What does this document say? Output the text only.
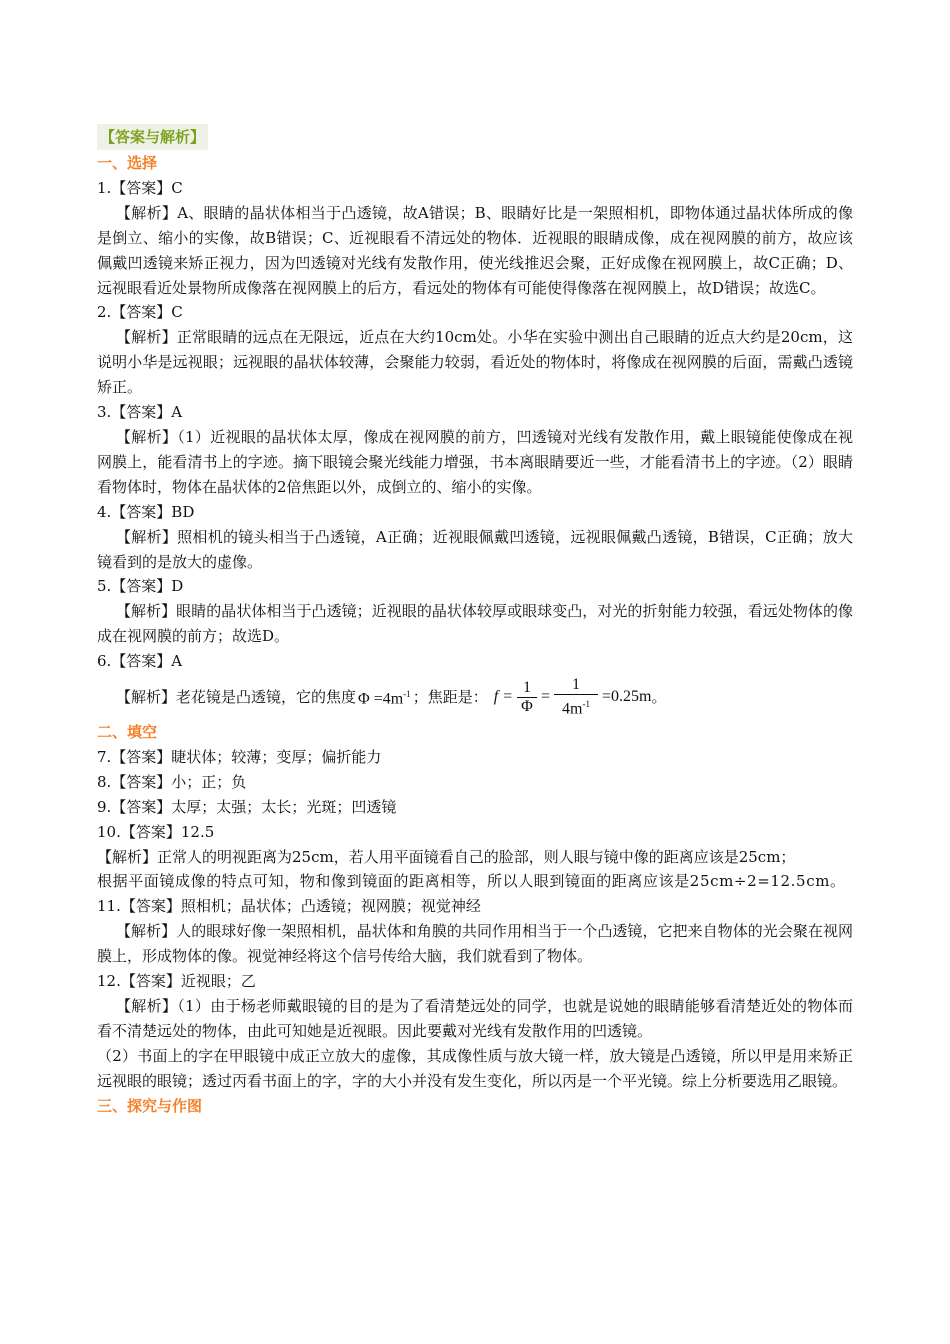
【答案与解析】
一、选择
1.【答案】C
【解析】A、眼睛的晶状体相当于凸透镜，故A错误；B、眼睛好比是一架照相机，即物体通过晶状体所成的像是倒立、缩小的实像，故B错误；C、近视眼看不清远处的物体．近视眼的眼睛成像，成在视网膜的前方，故应该佩戴凹透镜来矫正视力，因为凹透镜对光线有发散作用，使光线推迟会聚，正好成像在视网膜上，故C正确；D、远视眼看近处景物所成像落在视网膜上的后方，看远处的物体有可能使得像落在视网膜上，故D错误；故选C。
2.【答案】C
【解析】正常眼睛的远点在无限远，近点在大约10cm处。小华在实验中测出自己眼睛的近点大约是20cm，这说明小华是远视眼；远视眼的晶状体较薄，会聚能力较弱，看近处的物体时，将像成在视网膜的后面，需戴凸透镜矫正。
3.【答案】A
【解析】（1）近视眼的晶状体太厚，像成在视网膜的前方，凹透镜对光线有发散作用，戴上眼镜能使像成在视网膜上，能看清书上的字迹。摘下眼镜会聚光线能力增强，书本离眼睛要近一些，才能看清书上的字迹。（2）眼睛看物体时，物体在晶状体的2倍焦距以外，成倒立的、缩小的实像。
4.【答案】BD
【解析】照相机的镜头相当于凸透镜，A正确；近视眼佩戴凹透镜，远视眼佩戴凸透镜，B错误，C正确；放大镜看到的是放大的虚像。
5.【答案】D
【解析】眼睛的晶状体相当于凸透镜；近视眼的晶状体较厚或眼球变凸，对光的折射能力较强，看远处物体的像成在视网膜的前方；故选D。
6.【答案】A
【解析】老花镜是凸透镜，它的焦度 $\Phi =4m^{-1}$ ；焦距是： f =
1
Φ
=
1
$4m^{-1} =0.25m$ 。
二、填空
7.【答案】睫状体；较薄；变厚；偏折能力
8.【答案】小；正；负
9.【答案】太厚；太强；太长；光斑；凹透镜
10.【答案】12.5
【解析】正常人的明视距离为25cm，若人用平面镜看自己的脸部，则人眼与镜中像的距离应该是25cm；
根据平面镜成像的特点可知，物和像到镜面的距离相等，所以人眼到镜面的距离应该是25cm÷2=12.5cm。
11.【答案】照相机；晶状体；凸透镜；视网膜；视觉神经
【解析】人的眼球好像一架照相机，晶状体和角膜的共同作用相当于一个凸透镜，它把来自物体的光会聚在视网膜上，形成物体的像。视觉神经将这个信号传给大脑，我们就看到了物体。
12.【答案】近视眼；乙
【解析】（1）由于杨老师戴眼镜的目的是为了看清楚远处的同学，也就是说她的眼睛能够看清楚近处的物体而看不清楚远处的物体，由此可知她是近视眼。因此要戴对光线有发散作用的凹透镜。
（2）书面上的字在甲眼镜中成正立放大的虚像，其成像性质与放大镜一样，放大镜是凸透镜，所以甲是用来矫正远视眼的眼镜；透过丙看书面上的字，字的大小并没有发生变化，所以丙是一个平光镜。综上分析要选用乙眼镜。
三、探究与作图
